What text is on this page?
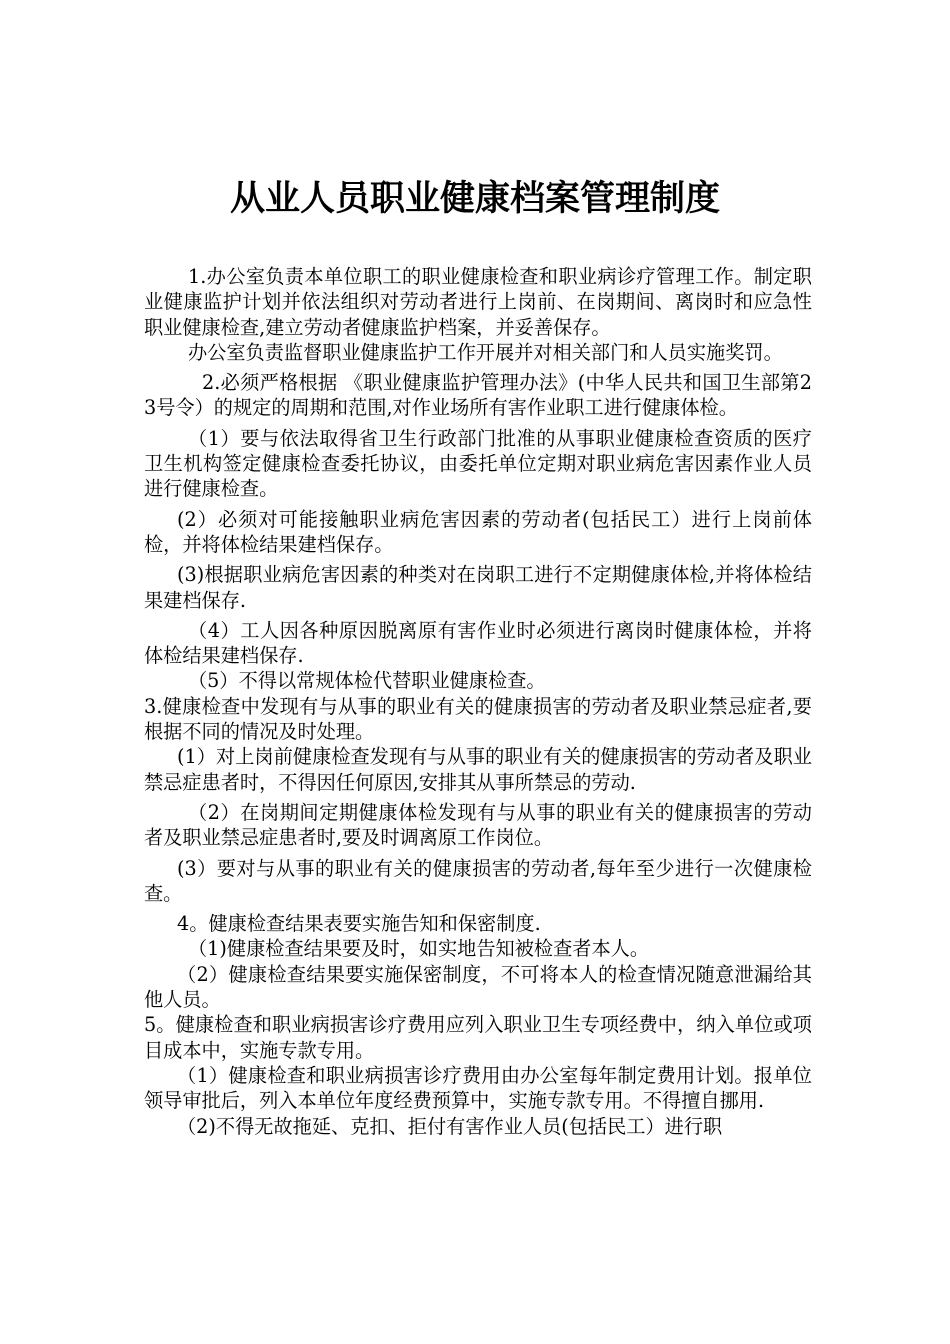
从业人员职业健康档案管理制度

1.办公室负责本单位职工的职业健康检查和职业病诊疗管理工作。制定职业健康监护计划并依法组织对劳动者进行上岗前、在岗期间、离岗时和应急性职业健康检查,建立劳动者健康监护档案，并妥善保存。

办公室负责监督职业健康监护工作开展并对相关部门和人员实施奖罚。

2.必须严格根据 《职业健康监护管理办法》(中华人民共和国卫生部第23号令）的规定的周期和范围,对作业场所有害作业职工进行健康体检。

（1）要与依法取得省卫生行政部门批准的从事职业健康检查资质的医疗卫生机构签定健康检查委托协议，由委托单位定期对职业病危害因素作业人员进行健康检查。

(2）必须对可能接触职业病危害因素的劳动者(包括民工）进行上岗前体检，并将体检结果建档保存。

(3)根据职业病危害因素的种类对在岗职工进行不定期健康体检,并将体检结果建档保存.

（4）工人因各种原因脱离原有害作业时必须进行离岗时健康体检，并将体检结果建档保存.

（5）不得以常规体检代替职业健康检查。

3.健康检查中发现有与从事的职业有关的健康损害的劳动者及职业禁忌症者,要根据不同的情况及时处理。

(1）对上岗前健康检查发现有与从事的职业有关的健康损害的劳动者及职业禁忌症患者时，不得因任何原因,安排其从事所禁忌的劳动.

（2）在岗期间定期健康体检发现有与从事的职业有关的健康损害的劳动者及职业禁忌症患者时,要及时调离原工作岗位。

(3）要对与从事的职业有关的健康损害的劳动者,每年至少进行一次健康检查。

4。健康检查结果表要实施告知和保密制度.

（1)健康检查结果要及时，如实地告知被检查者本人。

（2）健康检查结果要实施保密制度，不可将本人的检查情况随意泄漏给其他人员。

5。健康检查和职业病损害诊疗费用应列入职业卫生专项经费中，纳入单位或项目成本中，实施专款专用。

（1）健康检查和职业病损害诊疗费用由办公室每年制定费用计划。报单位领导审批后，列入本单位年度经费预算中，实施专款专用。不得擅自挪用.

（2)不得无故拖延、克扣、拒付有害作业人员(包括民工）进行职
